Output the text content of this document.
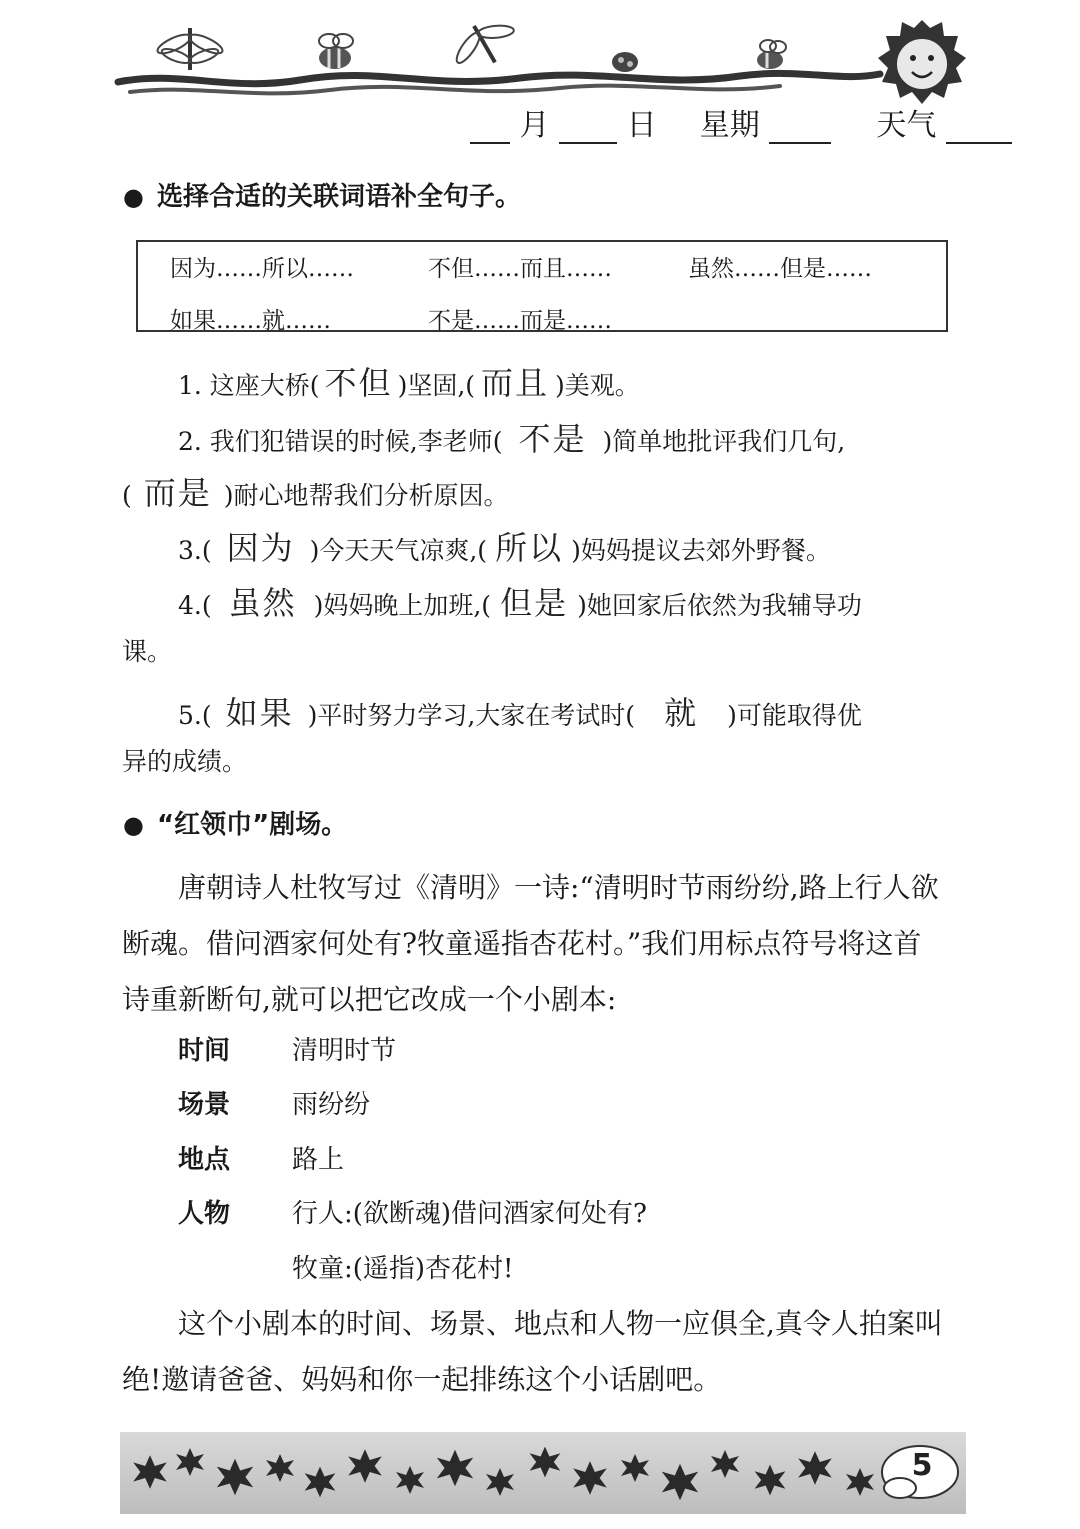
月	日 星期	天气
● 选择合适的关联词语补全句子。
因为……所以……	不但……而且……	虽然……但是……
如果……就……	不是……而是……
1. 这座大桥( 不但 )坚固,( 而且 )美观。
2. 我们犯错误的时候,李老师( 不是 )简单地批评我们几句,
( 而是 )耐心地帮我们分析原因。
3.( 因为 )今天天气凉爽,( 所以 )妈妈提议去郊外野餐。
4.( 虽然 )妈妈晚上加班,( 但是 )她回家后依然为我辅导功
课。
5.( 如果 )平时努力学习,大家在考试时( 就 )可能取得优
异的成绩。
● “红领巾”剧场。
唐朝诗人杜牧写过《清明》一诗:“清明时节雨纷纷,路上行人欲
断魂。借问酒家何处有?牧童遥指杏花村。”我们用标点符号将这首
诗重新断句,就可以把它改成一个小剧本:
时间 清明时节
场景 雨纷纷
地点 路上
人物 行人:(欲断魂)借问酒家何处有?
牧童:(遥指)杏花村!
这个小剧本的时间、场景、地点和人物一应俱全,真令人拍案叫
绝!邀请爸爸、妈妈和你一起排练这个小话剧吧。
5
